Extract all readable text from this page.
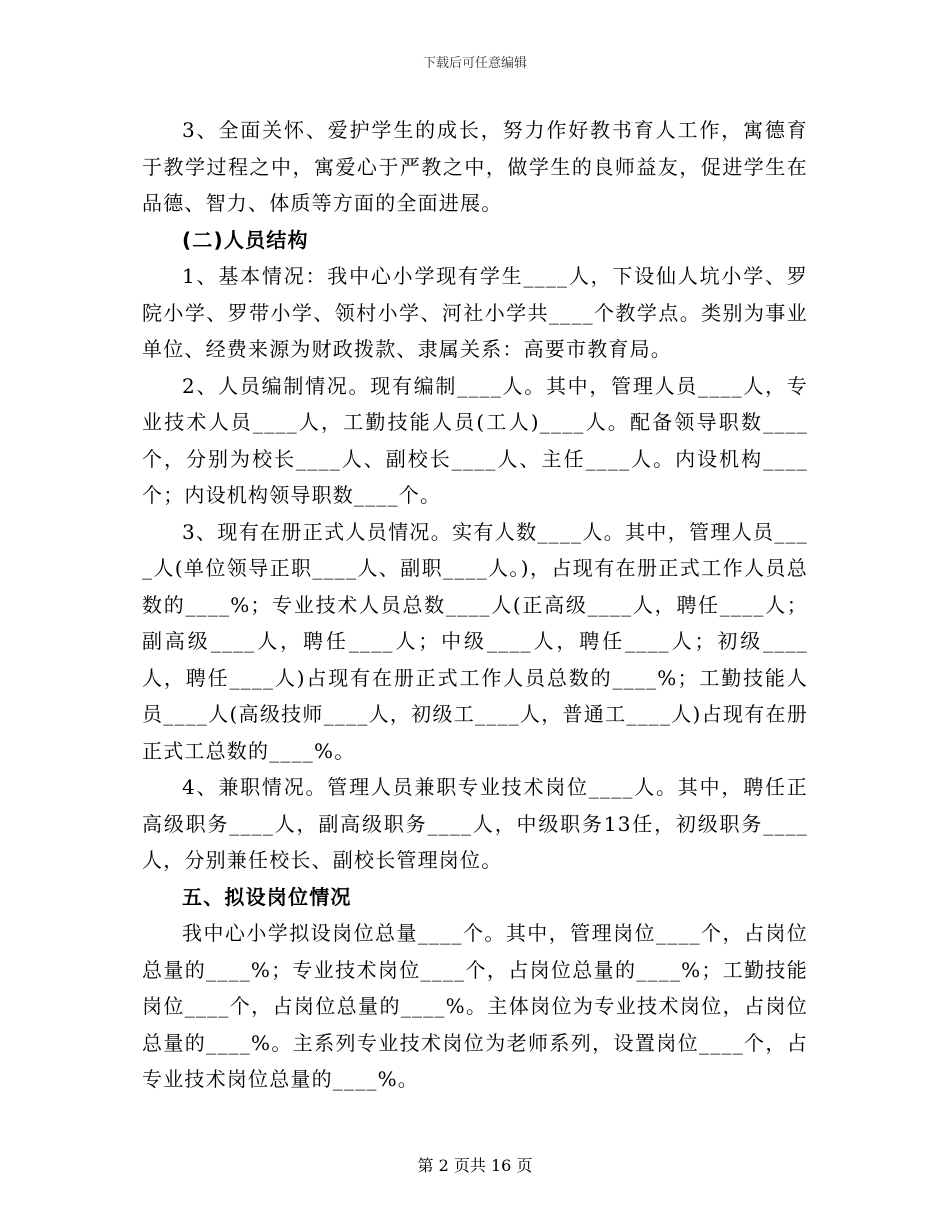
下载后可任意编辑

3、全面关怀、爱护学生的成长，努力作好教书育人工作，寓德育于教学过程之中，寓爱心于严教之中，做学生的良师益友，促进学生在品德、智力、体质等方面的全面进展。

(二)人员结构

1、基本情况：我中心小学现有学生____人，下设仙人坑小学、罗院小学、罗带小学、领村小学、河社小学共____个教学点。类别为事业单位、经费来源为财政拨款、隶属关系：高要市教育局。

2、人员编制情况。现有编制____人。其中，管理人员____人，专业技术人员____人，工勤技能人员(工人)____人。配备领导职数____个，分别为校长____人、副校长____人、主任____人。内设机构____个；内设机构领导职数____个。

3、现有在册正式人员情况。实有人数____人。其中，管理人员____人(单位领导正职____人、副职____人。)，占现有在册正式工作人员总数的____%；专业技术人员总数____人(正高级____人，聘任____人；副高级____人，聘任____人；中级____人，聘任____人；初级____人，聘任____人)占现有在册正式工作人员总数的____%；工勤技能人员____人(高级技师____人，初级工____人，普通工____人)占现有在册正式工总数的____%。

4、兼职情况。管理人员兼职专业技术岗位____人。其中，聘任正高级职务____人，副高级职务____人，中级职务13任，初级职务____人，分别兼任校长、副校长管理岗位。

五、拟设岗位情况

我中心小学拟设岗位总量____个。其中，管理岗位____个，占岗位总量的____%；专业技术岗位____个，占岗位总量的____%；工勤技能岗位____个，占岗位总量的____%。主体岗位为专业技术岗位，占岗位总量的____%。主系列专业技术岗位为老师系列，设置岗位____个，占专业技术岗位总量的____%。

第 2 页共 16 页
